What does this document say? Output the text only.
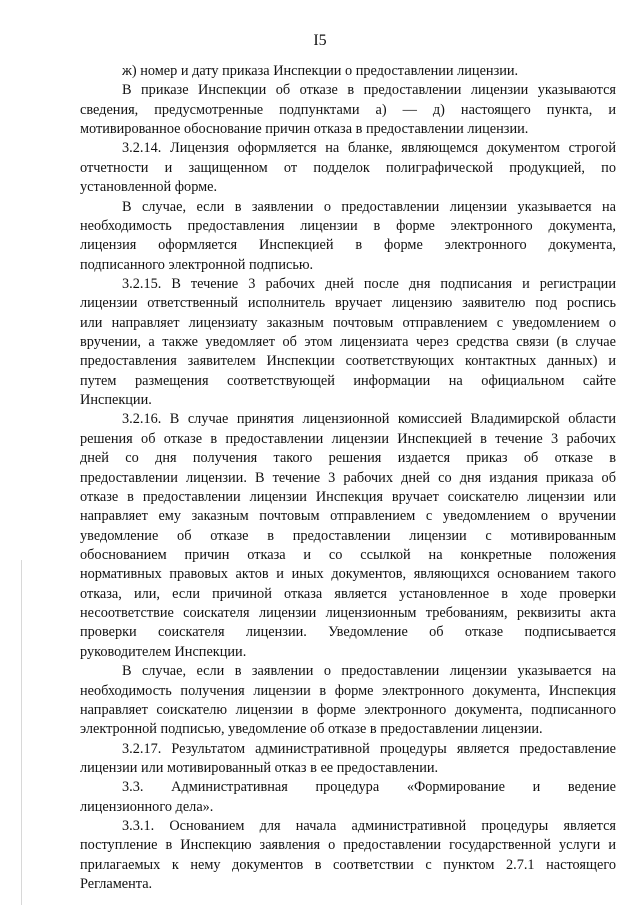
I5
ж) номер и дату приказа Инспекции о предоставлении лицензии.
В приказе Инспекции об отказе в предоставлении лицензии указываются
сведения, предусмотренные подпунктами а) — д) настоящего пункта, и
мотивированное обоснование причин отказа в предоставлении лицензии.
3.2.14. Лицензия оформляется на бланке, являющемся документом строгой
отчетности и защищенном от подделок полиграфической продукцией, по
установленной форме.
В случае, если в заявлении о предоставлении лицензии указывается на
необходимость предоставления лицензии в форме электронного документа,
лицензия оформляется Инспекцией в форме электронного документа,
подписанного электронной подписью.
3.2.15. В течение 3 рабочих дней после дня подписания и регистрации
лицензии ответственный исполнитель вручает лицензию заявителю под роспись
или направляет лицензиату заказным почтовым отправлением с уведомлением о
вручении, а также уведомляет об этом лицензиата через средства связи (в случае
предоставления заявителем Инспекции соответствующих контактных данных) и
путем размещения соответствующей информации на официальном сайте
Инспекции.
3.2.16. В случае принятия лицензионной комиссией Владимирской области
решения об отказе в предоставлении лицензии Инспекцией в течение 3 рабочих
дней со дня получения такого решения издается приказ об отказе в
предоставлении лицензии. В течение 3 рабочих дней со дня издания приказа об
отказе в предоставлении лицензии Инспекция вручает соискателю лицензии или
направляет ему заказным почтовым отправлением с уведомлением о вручении
уведомление об отказе в предоставлении лицензии с мотивированным
обоснованием причин отказа и со ссылкой на конкретные положения
нормативных правовых актов и иных документов, являющихся основанием такого
отказа, или, если причиной отказа является установленное в ходе проверки
несоответствие соискателя лицензии лицензионным требованиям, реквизиты акта
проверки соискателя лицензии. Уведомление об отказе подписывается
руководителем Инспекции.
В случае, если в заявлении о предоставлении лицензии указывается на
необходимость получения лицензии в форме электронного документа, Инспекция
направляет соискателю лицензии в форме электронного документа, подписанного
электронной подписью, уведомление об отказе в предоставлении лицензии.
3.2.17. Результатом административной процедуры является предоставление
лицензии или мотивированный отказ в ее предоставлении.
3.3. Административная процедура «Формирование и ведение
лицензионного дела».
3.3.1. Основанием для начала административной процедуры является
поступление в Инспекцию заявления о предоставлении государственной услуги и
прилагаемых к нему документов в соответствии с пунктом 2.7.1 настоящего
Регламента.
